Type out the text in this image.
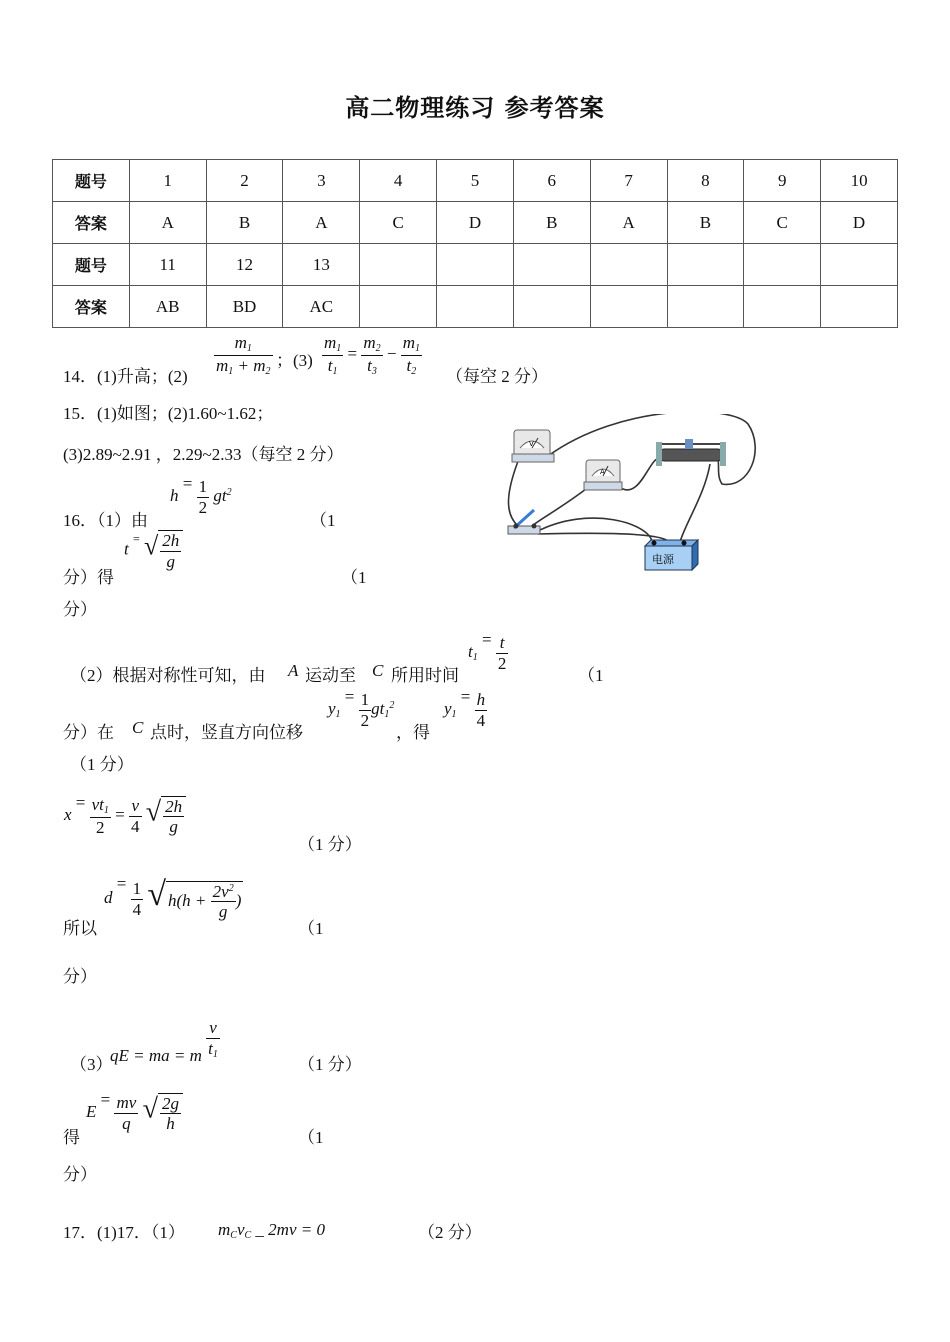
高二物理练习 参考答案
题号	1	2	3	4	5	6	7	8	9	10
答案	A	B	A	C	D	B	A	B	C	D
题号	11	12	13							
答案	AB	BD	AC							
14．(1)升高；$(2) \frac{m_1}{m_1 + m_2}$ ；$(3) \frac{m_1}{t_1} = \frac{m_2}{t_3} - \frac{m_1}{t_2}$ （每空 2 分）
15．(1)如图；(2)1.60~1.62；
(3)2.89~2.91 ，2.29~2.33（每空 2 分）
V
A
电源
16．（1）由
$h = \frac{1}{2} gt^2$
（1
分）得
t = √ $\frac{2h}{g}$
（1
分）
（2）根据对称性可知，由 A 运动至 C 所用时间
$t_1 = \frac{t}{2}$
（1
分）在 C 点时，竖直方向位移
$y_1 = \frac{1}{2} gt_1^2$
，得
$y_1 = \frac{h}{4}$
（1 分）
$x = \frac{vt_1}{2} = \frac{v}{4}$ √ $\frac{2h}{g}$
（1 分）
所以
$d = \frac{1}{4}$ √ $h(h + \frac{2v^2}{g}$ )
（1
分）
（3）
qE = ma = m $\frac{v}{t_1}$
（1 分）
得
$E = \frac{mv}{q}$ √ $\frac{2g}{h}$
（1
分）
17．(1)17．（1） $m_Cv_C$ _ 2mv = 0	（2 分）
